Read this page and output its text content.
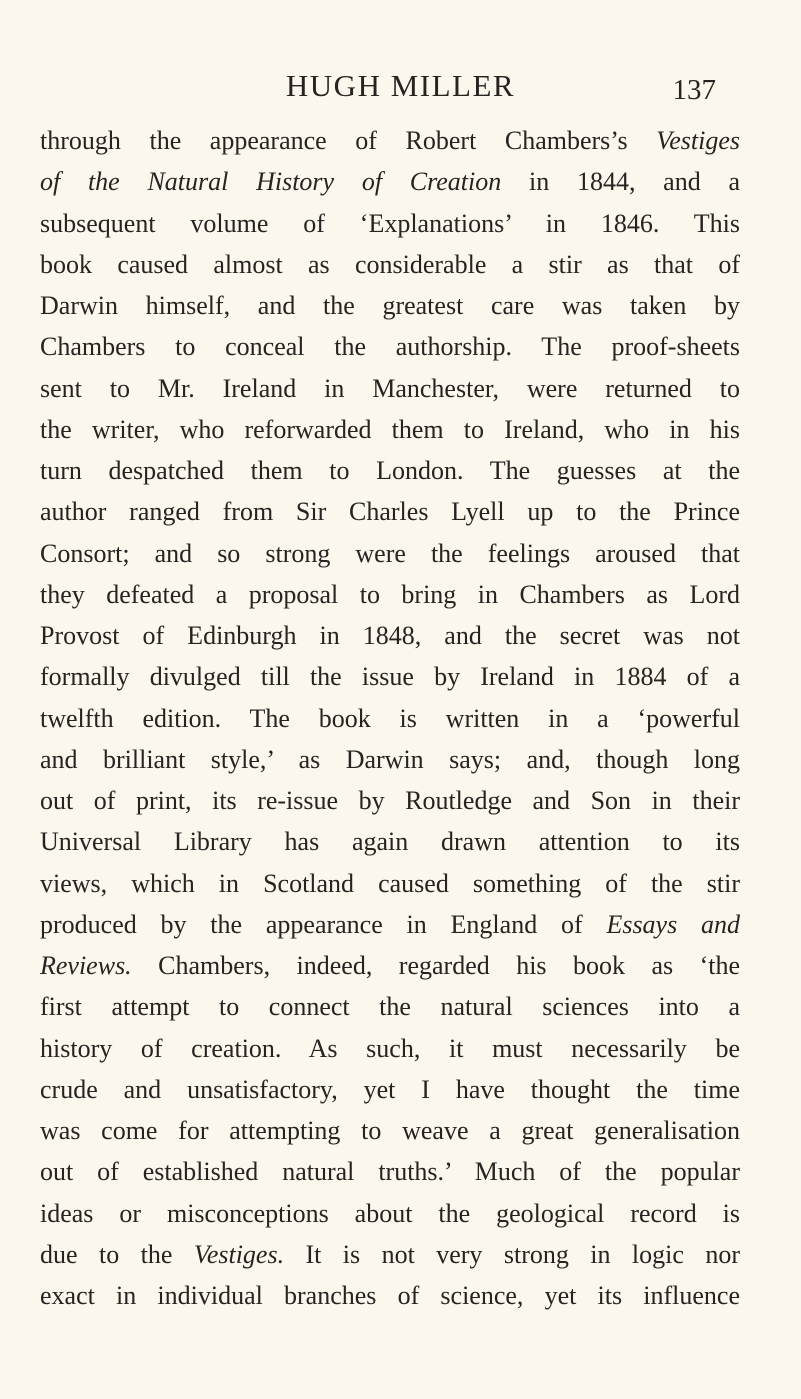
HUGH MILLER	137
through the appearance of Robert Chambers’s Vestiges
of the Natural History of Creation in 1844, and a
subsequent volume of ‘Explanations’ in 1846. This
book caused almost as considerable a stir as that of
Darwin himself, and the greatest care was taken by
Chambers to conceal the authorship. The proof-sheets
sent to Mr. Ireland in Manchester, were returned to
the writer, who reforwarded them to Ireland, who in his
turn despatched them to London. The guesses at the
author ranged from Sir Charles Lyell up to the Prince
Consort; and so strong were the feelings aroused that
they defeated a proposal to bring in Chambers as Lord
Provost of Edinburgh in 1848, and the secret was not
formally divulged till the issue by Ireland in 1884 of a
twelfth edition. The book is written in a ‘powerful
and brilliant style,’ as Darwin says; and, though long
out of print, its re-issue by Routledge and Son in their
Universal Library has again drawn attention to its
views, which in Scotland caused something of the stir
produced by the appearance in England of Essays and
Reviews. Chambers, indeed, regarded his book as ‘the
first attempt to connect the natural sciences into a
history of creation. As such, it must necessarily be
crude and unsatisfactory, yet I have thought the time
was come for attempting to weave a great generalisation
out of established natural truths.’ Much of the popular
ideas or misconceptions about the geological record is
due to the Vestiges. It is not very strong in logic nor
exact in individual branches of science, yet its influence
